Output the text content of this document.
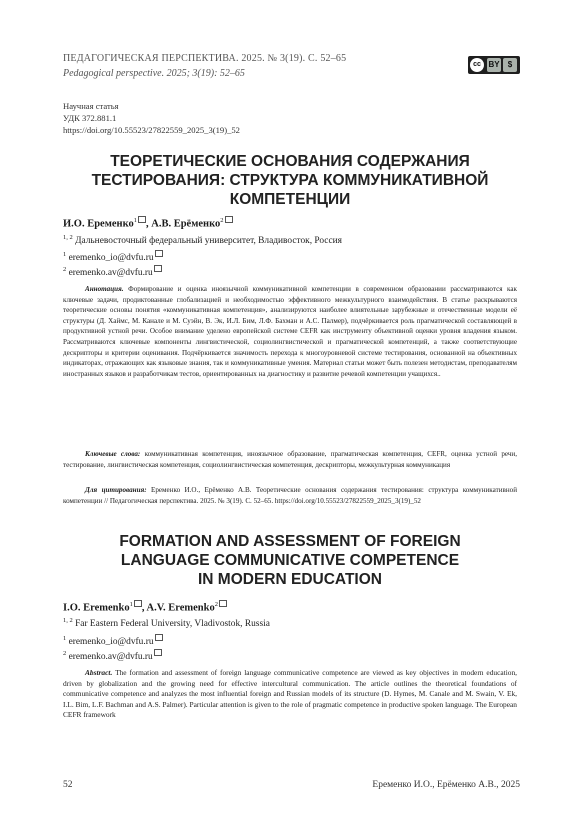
ПЕДАГОГИЧЕСКАЯ ПЕРСПЕКТИВА. 2025. № 3(19). С. 52–65
Pedagogical perspective. 2025; 3(19): 52–65
cc BY	$
Научная статья
УДК 372.881.1
https://doi.org/10.55523/27822559_2025_3(19)_52
ТЕОРЕТИЧЕСКИЕ ОСНОВАНИЯ СОДЕРЖАНИЯ
ТЕСТИРОВАНИЯ: СТРУКТУРА КОММУНИКАТИВНОЙ
КОМПЕТЕНЦИИ
И.О. Еременко$^1$ , А.В. Ерёменко$^2$
$^{1, 2}$ Дальневосточный федеральный университет, Владивосток, Россия
$^1$ eremenko_io@dvfu.ru
$^2$ eremenko.av@dvfu.ru
Аннотация. Формирование и оценка иноязычной коммуникативной компетенции в современном образовании рассматриваются как ключевые задачи, продиктованные глобализацией и необходимостью эффективного межкультурного взаимодействия. В статье раскрываются теоретические основы понятия «коммуникативная компетенция», анализируются наиболее влиятельные зарубежные и отечественные модели её структуры (Д. Хаймс, М. Канале и М. Суэйн, В. Эк, И.Л. Бим, Л.Ф. Бахман и А.С. Палмер), подчёркивается роль прагматической составляющей в продуктивной устной речи. Особое внимание уделено европейской системе CEFR как инструменту объективной оценки уровня владения языком. Рассматриваются ключевые компоненты лингвистической, социолингвистической и прагматической компетенций, а также соответствующие дескрипторы и критерии оценивания. Подчёркивается значимость перехода к многоуровневой системе тестирования, основанной на объективных индикаторах, отражающих как языковые знания, так и коммуникативные умения. Материал статьи может быть полезен методистам, преподавателям иностранных языков и разработчикам тестов, ориентированных на диагностику и развитие речевой компетенции учащихся..
Ключевые слова: коммуникативная компетенция, иноязычное образование, прагматическая компетенция, CEFR, оценка устной речи, тестирование, лингвистическая компетенция, социолингвистическая компетенция, дескрипторы, межкультурная коммуникация
Для цитирования: Еременко И.О., Ерёменко А.В. Теоретические основания содержания тестирования: структура коммуникативной компетенции // Педагогическая перспектива. 2025. № 3(19). С. 52–65. https://doi.org/10.55523/27822559_2025_3(19)_52
FORMATION AND ASSESSMENT OF FOREIGN
LANGUAGE COMMUNICATIVE COMPETENCE
IN MODERN EDUCATION
I.O. Eremenko$^1$ , A.V. Eremenko$^2$
$^{1, 2}$ Far Eastern Federal University, Vladivostok, Russia
$^1$ eremenko_io@dvfu.ru
$^2$ eremenko.av@dvfu.ru
Abstract. The formation and assessment of foreign language communicative competence are viewed as key objectives in modern education, driven by globalization and the growing need for effective intercultural communication. The article outlines the theoretical foundations of communicative competence and analyzes the most influential foreign and Russian models of its structure (D. Hymes, M. Canale and M. Swain, V. Ek, I.L. Bim, L.F. Bachman and A.S. Palmer). Particular attention is given to the role of pragmatic competence in productive spoken language. The European CEFR framework
52	Еременко И.О., Ерёменко А.В., 2025
